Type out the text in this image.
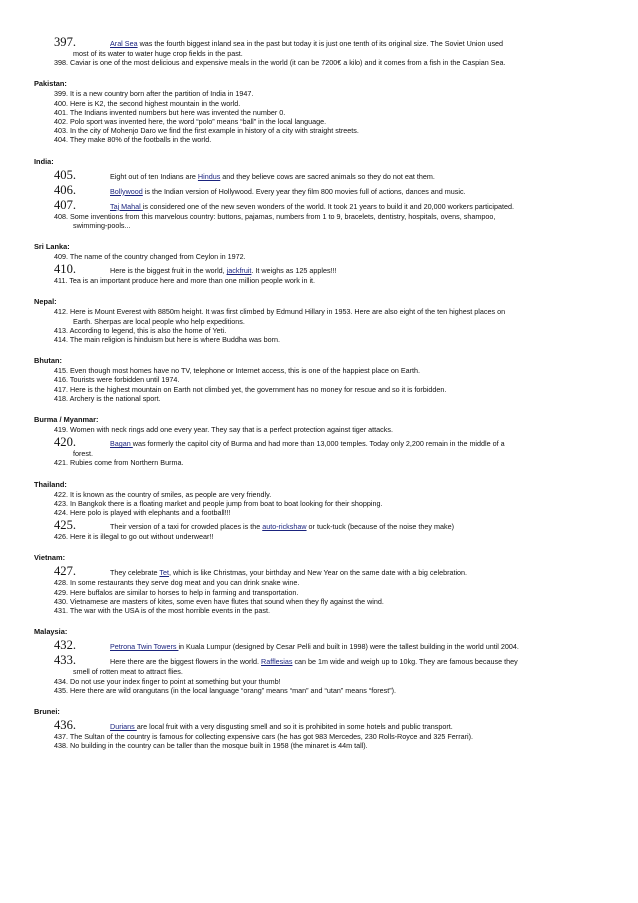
397.	Aral Sea was the fourth biggest inland sea in the past but today it is just one tenth of its original size. The Soviet Union used
most of its water to water huge crop fields in the past.
398. Caviar is one of the most delicious and expensive meals in the world (it can be 7200€ a kilo) and it comes from a fish in the Caspian Sea.
Pakistan:
399. It is a new country born after the partition of India in 1947.
400. Here is K2, the second highest mountain in the world.
401. The Indians invented numbers but here was invented the number 0.
402. Polo sport was invented here, the word “polo” means “ball” in the local language.
403. In the city of Mohenjo Daro we find the first example in history of a city with straight streets.
404. They make 80% of the footballs in the world.
India:
405.	Eight out of ten Indians are Hindus and they believe cows are sacred animals so they do not eat them.
406.	Bollywood is the Indian version of Hollywood. Every year they film 800 movies full of actions, dances and music.
407.	Taj Mahal is considered one of the new seven wonders of the world. It took 21 years to build it and 20,000 workers participated.
408. Some inventions from this marvelous country: buttons, pajamas, numbers from 1 to 9, bracelets, dentistry, hospitals, ovens, shampoo,
swimming-pools...
Sri Lanka:
409. The name of the country changed from Ceylon in 1972.
410.	Here is the biggest fruit in the world, jackfruit. It weighs as 125 apples!!!
411. Tea is an important produce here and more than one million people work in it.
Nepal:
412. Here is Mount Everest with 8850m height. It was first climbed by Edmund Hillary in 1953. Here are also eight of the ten highest places on
Earth. Sherpas are local people who help expeditions.
413. According to legend, this is also the home of Yeti.
414. The main religion is hinduism but here is where Buddha was born.
Bhutan:
415. Even though most homes have no TV, telephone or Internet access, this is one of the happiest place on Earth.
416. Tourists were forbidden until 1974.
417. Here is the highest mountain on Earth not climbed yet, the government has no money for rescue and so it is forbidden.
418. Archery is the national sport.
Burma / Myanmar:
419. Women with neck rings add one every year. They say that is a perfect protection against tiger attacks.
420.	Bagan was formerly the capitol city of Burma and had more than 13,000 temples. Today only 2,200 remain in the middle of a
forest.
421. Rubies come from Northern Burma.
Thailand:
422. It is known as the country of smiles, as people are very friendly.
423. In Bangkok there is a floating market and people jump from boat to boat looking for their shopping.
424. Here polo is played with elephants and a football!!!
425.	Their version of a taxi for crowded places is the auto-rickshaw or tuck-tuck (because of the noise they make)
426. Here it is illegal to go out without underwear!!
Vietnam:
427.	They celebrate Tet, which is like Christmas, your birthday and New Year on the same date with a big celebration.
428. In some restaurants they serve dog meat and you can drink snake wine.
429. Here buffalos are similar to horses to help in farming and transportation.
430. Vietnamese are masters of kites, some even have flutes that sound when they fly against the wind.
431. The war with the USA is of the most horrible events in the past.
Malaysia:
432.	Petrona Twin Towers in Kuala Lumpur (designed by Cesar Pelli and built in 1998) were the tallest building in the world until 2004.
433.	Here there are the biggest flowers in the world. Rafflesias can be 1m wide and weigh up to 10kg. They are famous because they
smell of rotten meat to attract flies.
434. Do not use your index finger to point at something but your thumb!
435. Here there are wild orangutans (in the local language “orang” means “man” and “utan” means “forest”).
Brunei:
436.	Durians are local fruit with a very disgusting smell and so it is prohibited in some hotels and public transport.
437. The Sultan of the country is famous for collecting expensive cars (he has got 983 Mercedes, 230 Rolls-Royce and 325 Ferrari).
438. No building in the country can be taller than the mosque built in 1958 (the minaret is 44m tall).
